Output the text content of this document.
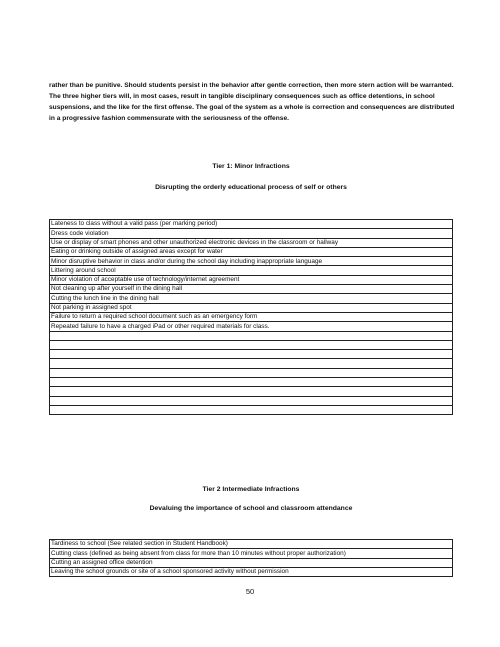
rather than be punitive. Should students persist in the behavior after gentle correction, then more stern action will be warranted. The three higher tiers will, in most cases, result in tangible disciplinary consequences such as office detentions, in school suspensions, and the like for the first offense. The goal of the system as a whole is correction and consequences are distributed in a progressive fashion commensurate with the seriousness of the offense.

Tier 1: Minor Infractions
Disrupting the orderly educational process of self or others
Lateness to class without a valid pass (per marking period)
Dress code violation
Use or display of smart phones and other unauthorized electronic devices in the classroom or hallway
Eating or drinking outside of assigned areas except for water
Minor disruptive behavior in class and/or during the school day including inappropriate language
Littering around school
Minor violation of acceptable use of technology/internet agreement
Not cleaning up after yourself in the dining hall
Cutting the lunch line in the dining hall
Not parking in assigned spot
Failure to return a required school document such as an emergency form
Repeated failure to have a charged iPad or other required materials for class.

Tier 2 Intermediate Infractions
Devaluing the importance of school and classroom attendance
Tardiness to school (See related section in Student Handbook)
Cutting class (defined as being absent from class for more than 10 minutes without proper authorization)
Cutting an assigned office detention
Leaving the school grounds or site of a school sponsored activity without permission
50
